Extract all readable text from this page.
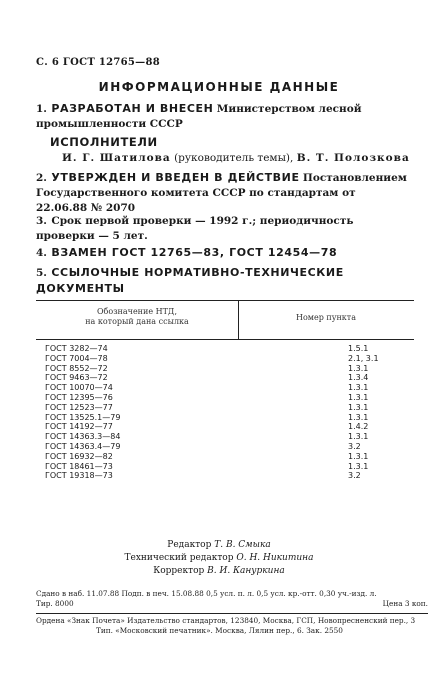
С. 6 ГОСТ 12765—88
ИНФОРМАЦИОННЫЕ ДАННЫЕ
1. РАЗРАБОТАН И ВНЕСЕН Министерством лесной промышленности СССР
ИСПОЛНИТЕЛИ
И. Г. Шатилова (руководитель темы), В. Т. Полозкова
2. УТВЕРЖДЕН И ВВЕДЕН В ДЕЙСТВИЕ Постановлением Государственного комитета СССР по стандартам от 22.06.88 № 2070
3. Срок первой проверки — 1992 г.; периодичность проверки — 5 лет.
4. ВЗАМЕН ГОСТ 12765—83, ГОСТ 12454—78
5. ССЫЛОЧНЫЕ НОРМАТИВНО-ТЕХНИЧЕСКИЕ ДОКУМЕНТЫ
Обозначение НТД,
на который дана ссылка	Номер пункта
ГОСТ 3282—74	1.5.1
ГОСТ 7004—78	2.1, 3.1
ГОСТ 8552—72	1.3.1
ГОСТ 9463—72	1.3.4
ГОСТ 10070—74	1.3.1
ГОСТ 12395—76	1.3.1
ГОСТ 12523—77	1.3.1
ГОСТ 13525.1—79	1.3.1
ГОСТ 14192—77	1.4.2
ГОСТ 14363.3—84	1.3.1
ГОСТ 14363.4—79	3.2
ГОСТ 16932—82	1.3.1
ГОСТ 18461—73	1.3.1
ГОСТ 19318—73	3.2
Редактор Т. В. Смыка
Технический редактор О. Н. Никитина
Корректор В. И. Кануркина
Сдано в наб. 11.07.88 Подп. в печ. 15.08.88 0,5 усл. п. л. 0,5 усл. кр.-отт. 0,30 уч.-изд. л.
Тир. 8000	Цена 3 коп.
Ордена «Знак Почета» Издательство стандартов, 123840, Москва, ГСП, Новопресненский пер., 3
Тип. «Московский печатник». Москва, Лялин пер., 6. Зак. 2550
